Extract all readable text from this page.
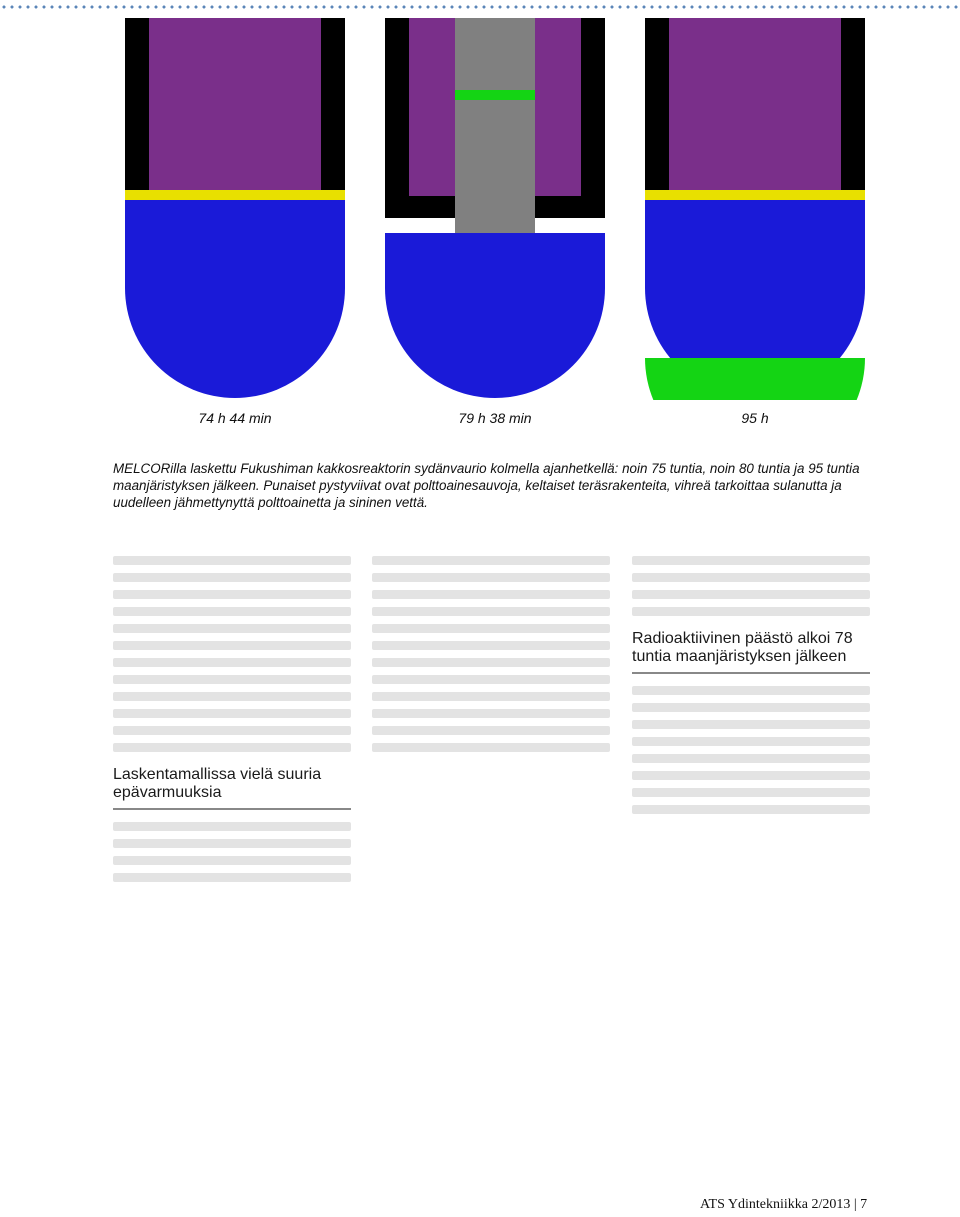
74 h 44 min	79 h 38 min	95 h

MELCORilla laskettu Fukushiman kakkosreaktorin sydänvaurio kolmella ajanhetkellä: noin 75 tuntia, noin 80 tuntia ja 95 tuntia maanjäristyksen jälkeen. Punaiset pystyviivat ovat polttoainesauvoja, keltaiset teräsrakenteita, vihreä tarkoittaa sulanutta ja uudelleen jähmettynyttä polttoainetta ja sininen vettä.

Laskentamallissa vielä suuria epävarmuuksia
Radioaktiivinen päästö alkoi 78 tuntia maanjäristyksen jälkeen
ATS Ydintekniikka 2/2013 | 7
